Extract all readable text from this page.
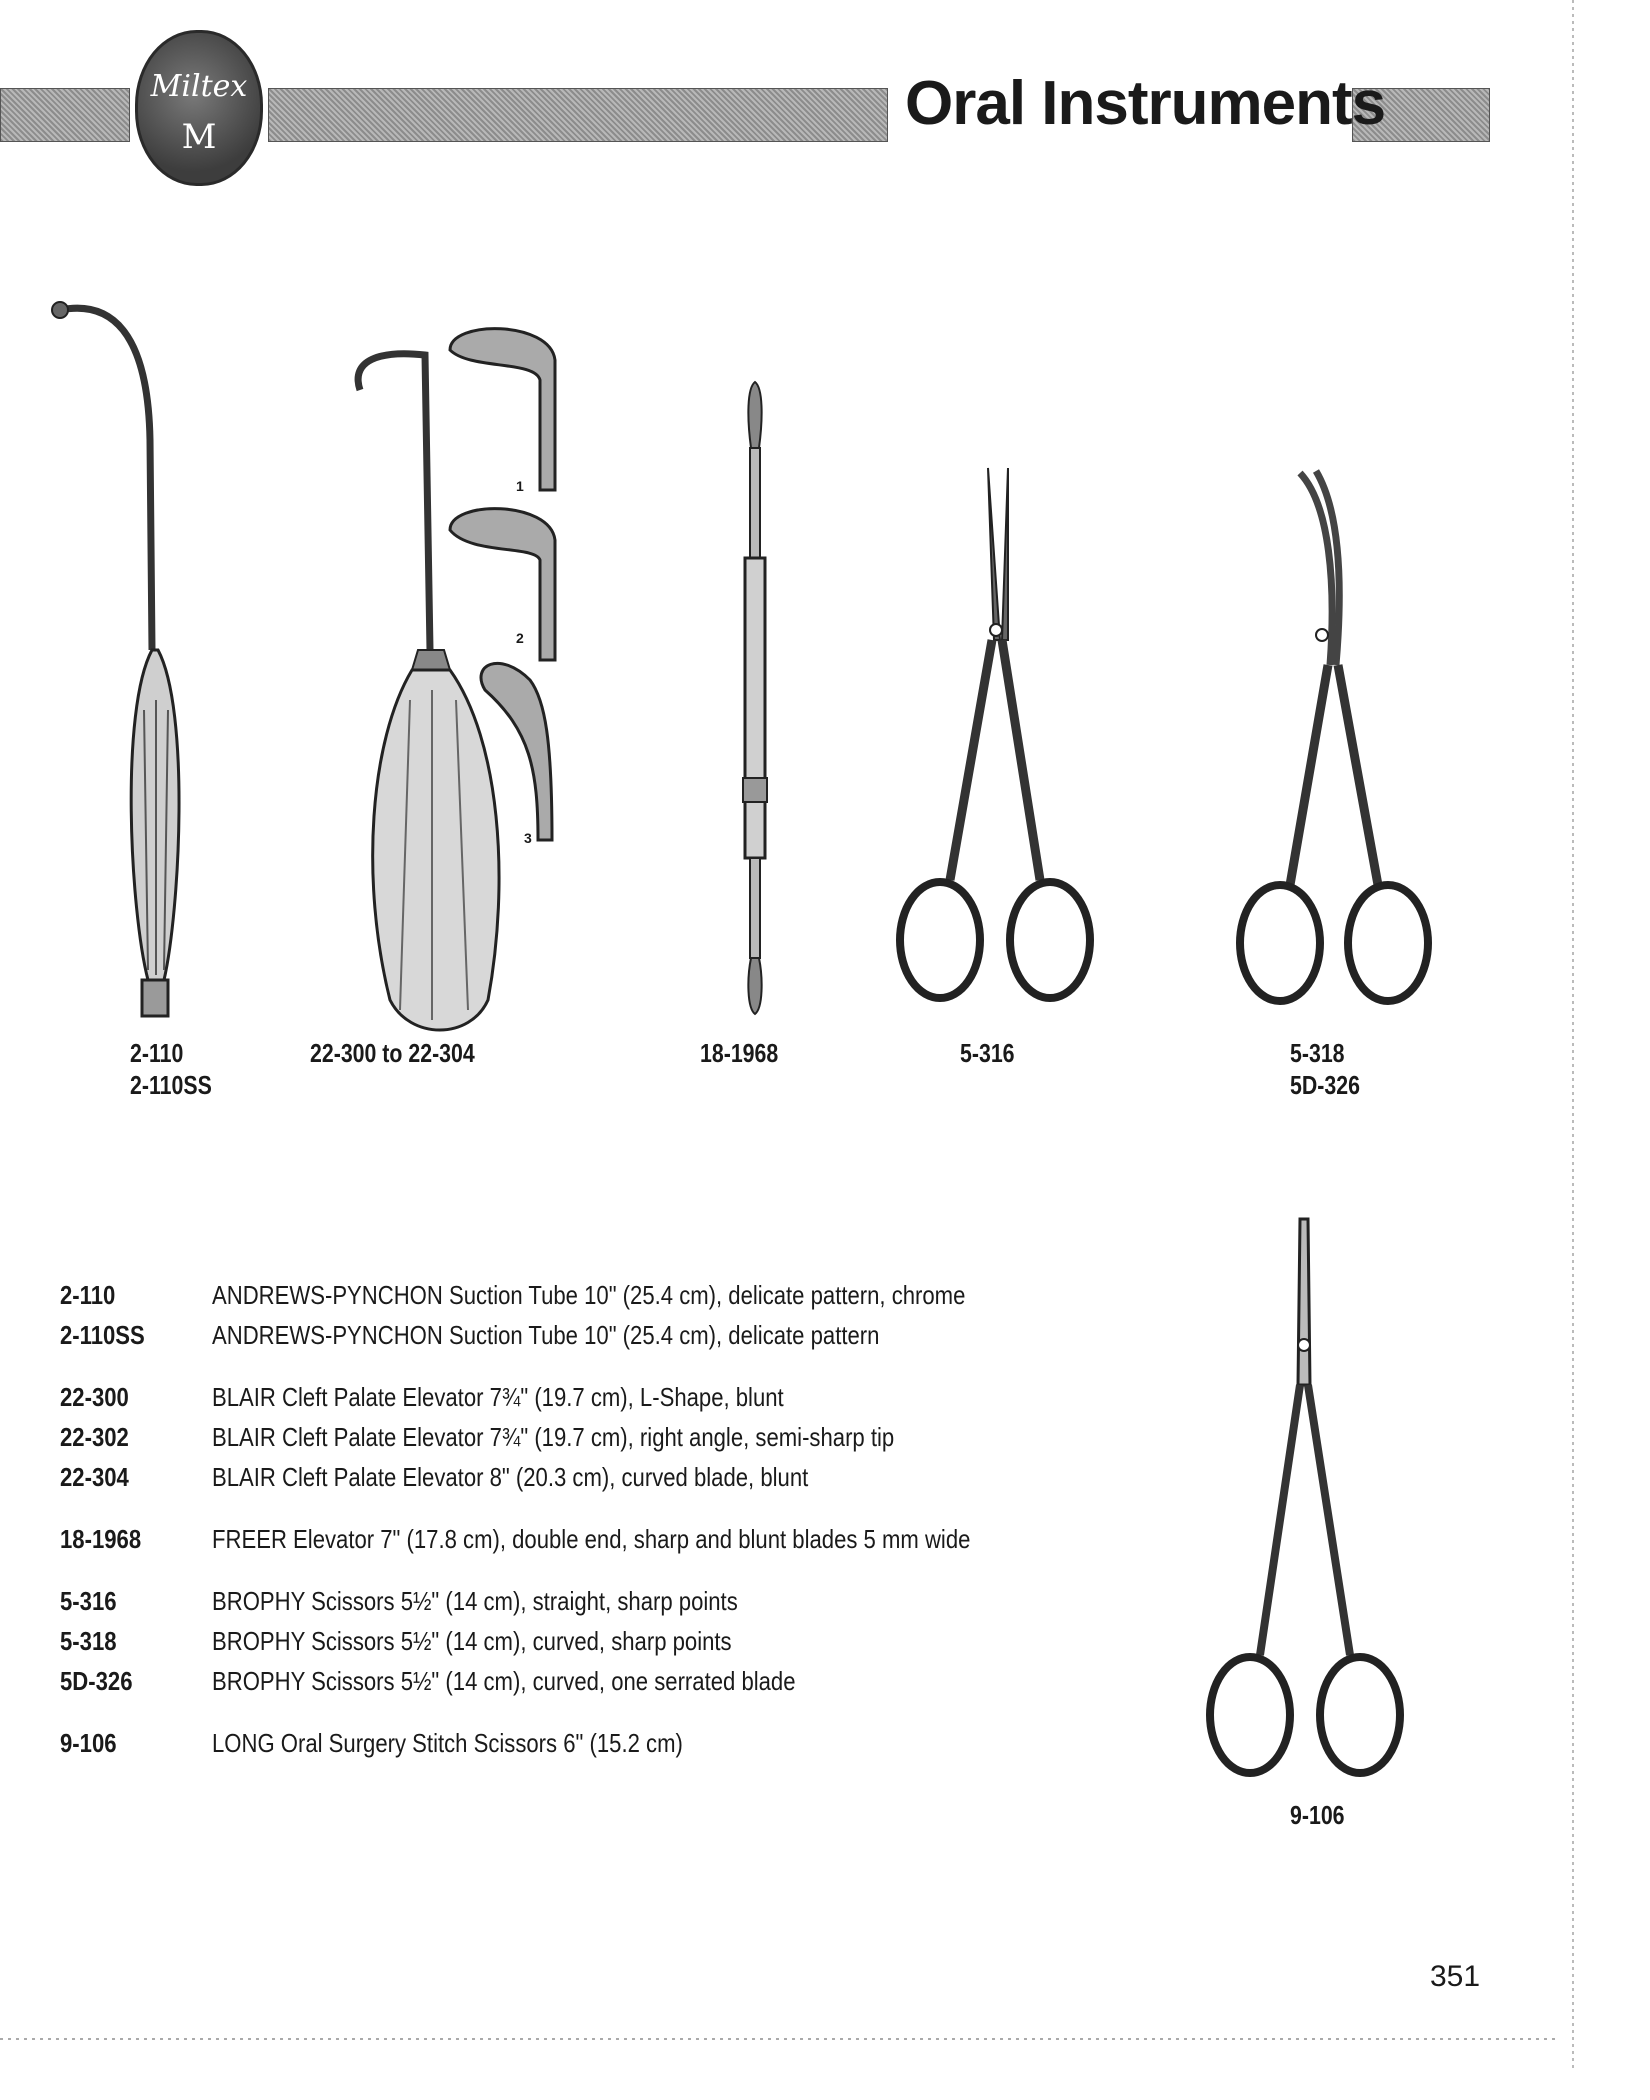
Miltex
M	Oral Instruments
1
2
3
2-110
2-110SS
22-300 to 22-304	18-1968	5-316	5-318
5D-326
9-106
2-110	ANDREWS-PYNCHON Suction Tube 10" (25.4 cm), delicate pattern, chrome
2-110SS	ANDREWS-PYNCHON Suction Tube 10" (25.4 cm), delicate pattern
22-300	BLAIR Cleft Palate Elevator 7¾" (19.7 cm), L-Shape, blunt
22-302	BLAIR Cleft Palate Elevator 7¾" (19.7 cm), right angle, semi-sharp tip
22-304	BLAIR Cleft Palate Elevator 8" (20.3 cm), curved blade, blunt
18-1968	FREER Elevator 7" (17.8 cm), double end, sharp and blunt blades 5 mm wide
5-316	BROPHY Scissors 5½" (14 cm), straight, sharp points
5-318	BROPHY Scissors 5½" (14 cm), curved, sharp points
5D-326	BROPHY Scissors 5½" (14 cm), curved, one serrated blade
9-106	LONG Oral Surgery Stitch Scissors 6" (15.2 cm)
351
